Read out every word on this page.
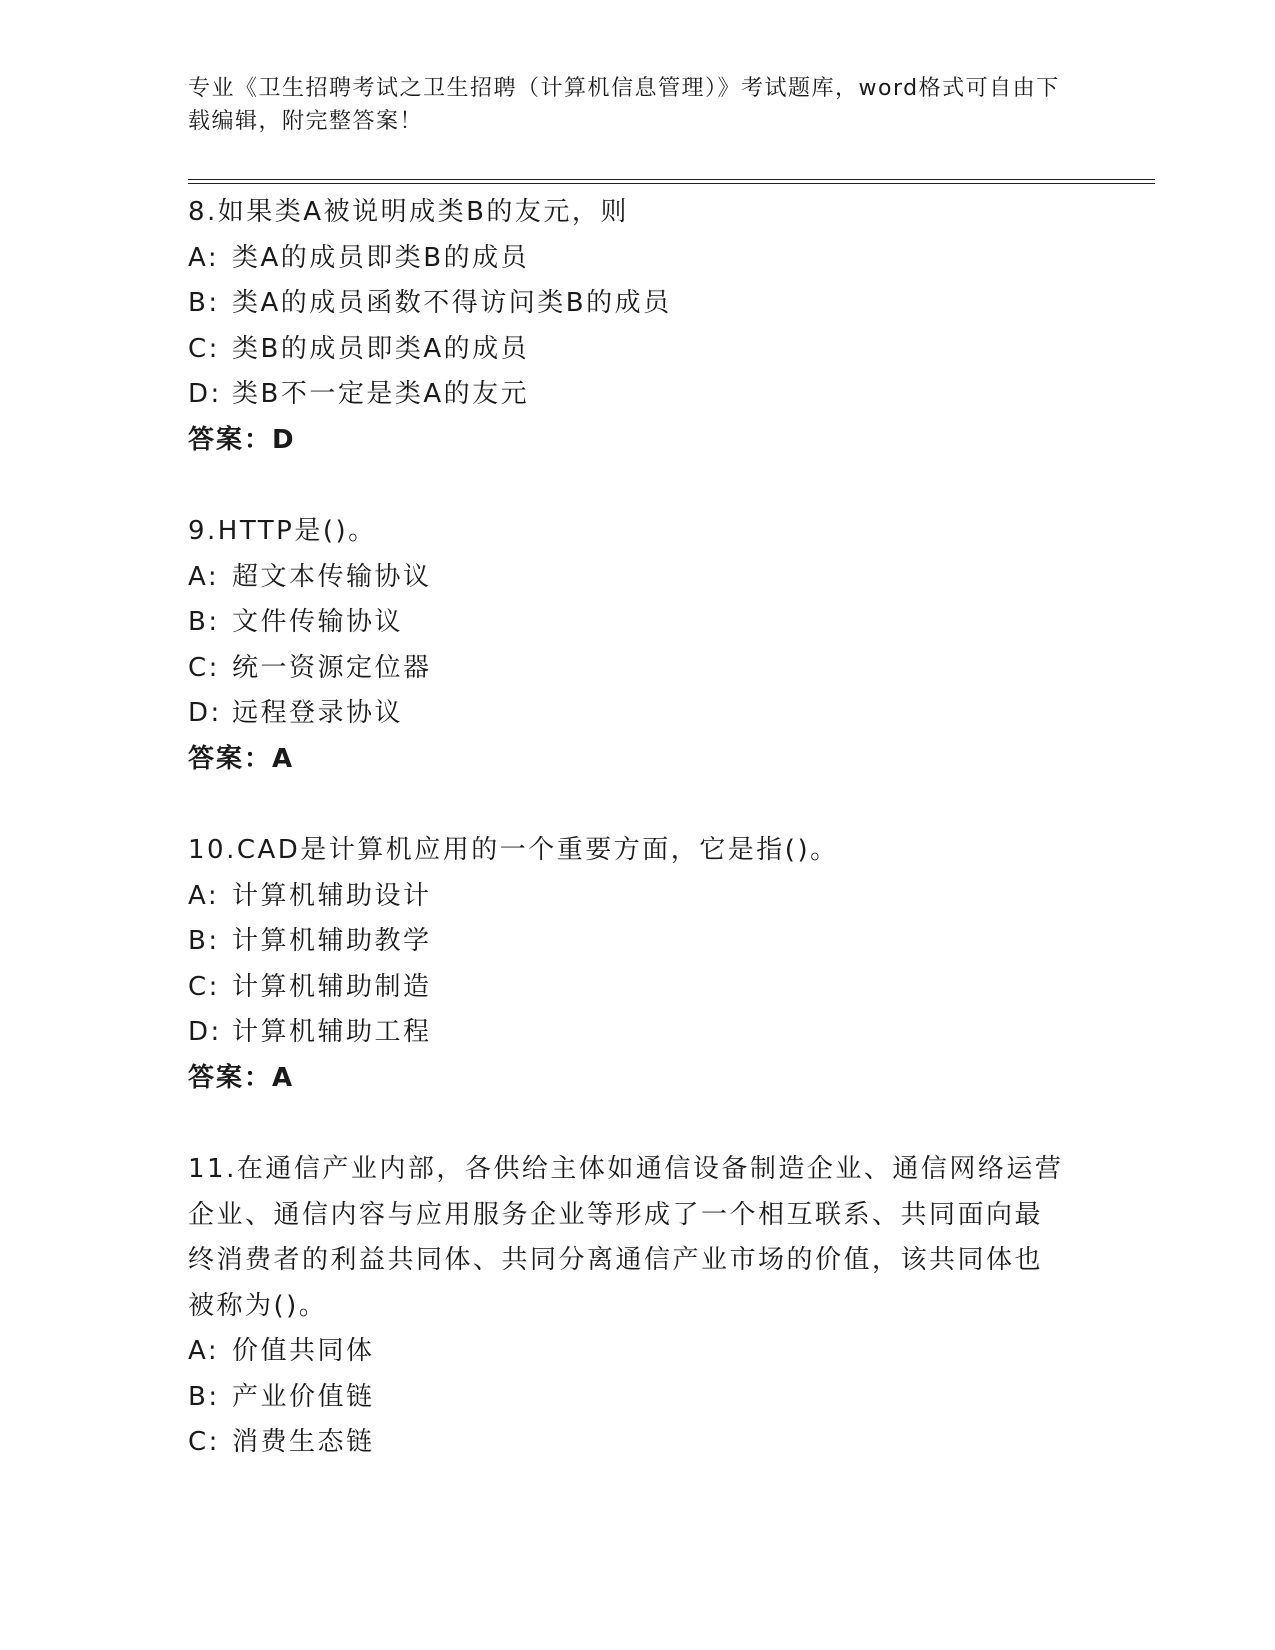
专业《卫生招聘考试之卫生招聘（计算机信息管理）》考试题库，word格式可自由下载编辑，附完整答案！
8.如果类A被说明成类B的友元，则
A: 类A的成员即类B的成员
B: 类A的成员函数不得访问类B的成员
C: 类B的成员即类A的成员
D: 类B不一定是类A的友元
答案：D
9.HTTP是()。
A: 超文本传输协议
B: 文件传输协议
C: 统一资源定位器
D: 远程登录协议
答案：A
10.CAD是计算机应用的一个重要方面，它是指()。
A: 计算机辅助设计
B: 计算机辅助教学
C: 计算机辅助制造
D: 计算机辅助工程
答案：A
11.在通信产业内部，各供给主体如通信设备制造企业、通信网络运营企业、通信内容与应用服务企业等形成了一个相互联系、共同面向最终消费者的利益共同体、共同分离通信产业市场的价值，该共同体也被称为()。
A: 价值共同体
B: 产业价值链
C: 消费生态链
